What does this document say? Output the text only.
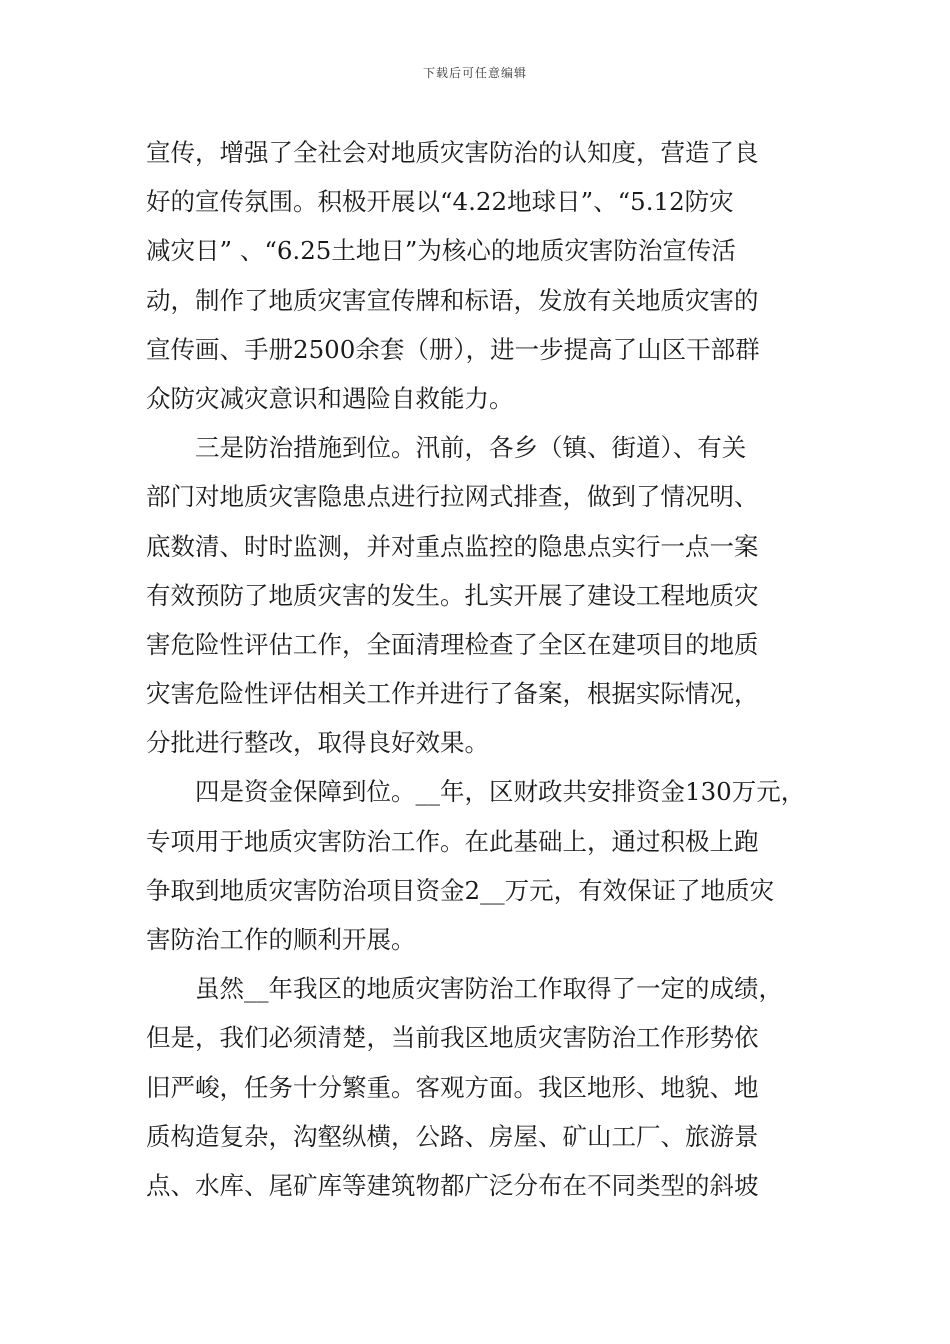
下载后可任意编辑
宣传，增强了全社会对地质灾害防治的认知度，营造了良
好的宣传氛围。积极开展以“4.22地球日”、“5.12防灾
减灾日” 、“6.25土地日”为核心的地质灾害防治宣传活
动，制作了地质灾害宣传牌和标语，发放有关地质灾害的
宣传画、手册2500余套（册），进一步提高了山区干部群
众防灾减灾意识和遇险自救能力。
三是防治措施到位。汛前，各乡（镇、街道）、有关
部门对地质灾害隐患点进行拉网式排查，做到了情况明、
底数清、时时监测，并对重点监控的隐患点实行一点一案
有效预防了地质灾害的发生。扎实开展了建设工程地质灾
害危险性评估工作，全面清理检查了全区在建项目的地质
灾害危险性评估相关工作并进行了备案，根据实际情况，
分批进行整改，取得良好效果。
四是资金保障到位。__年，区财政共安排资金130万元，
专项用于地质灾害防治工作。在此基础上，通过积极上跑
争取到地质灾害防治项目资金2__万元，有效保证了地质灾
害防治工作的顺利开展。
虽然__年我区的地质灾害防治工作取得了一定的成绩，
但是，我们必须清楚，当前我区地质灾害防治工作形势依
旧严峻，任务十分繁重。客观方面。我区地形、地貌、地
质构造复杂，沟壑纵横，公路、房屋、矿山工厂、旅游景
点、水库、尾矿库等建筑物都广泛分布在不同类型的斜坡
